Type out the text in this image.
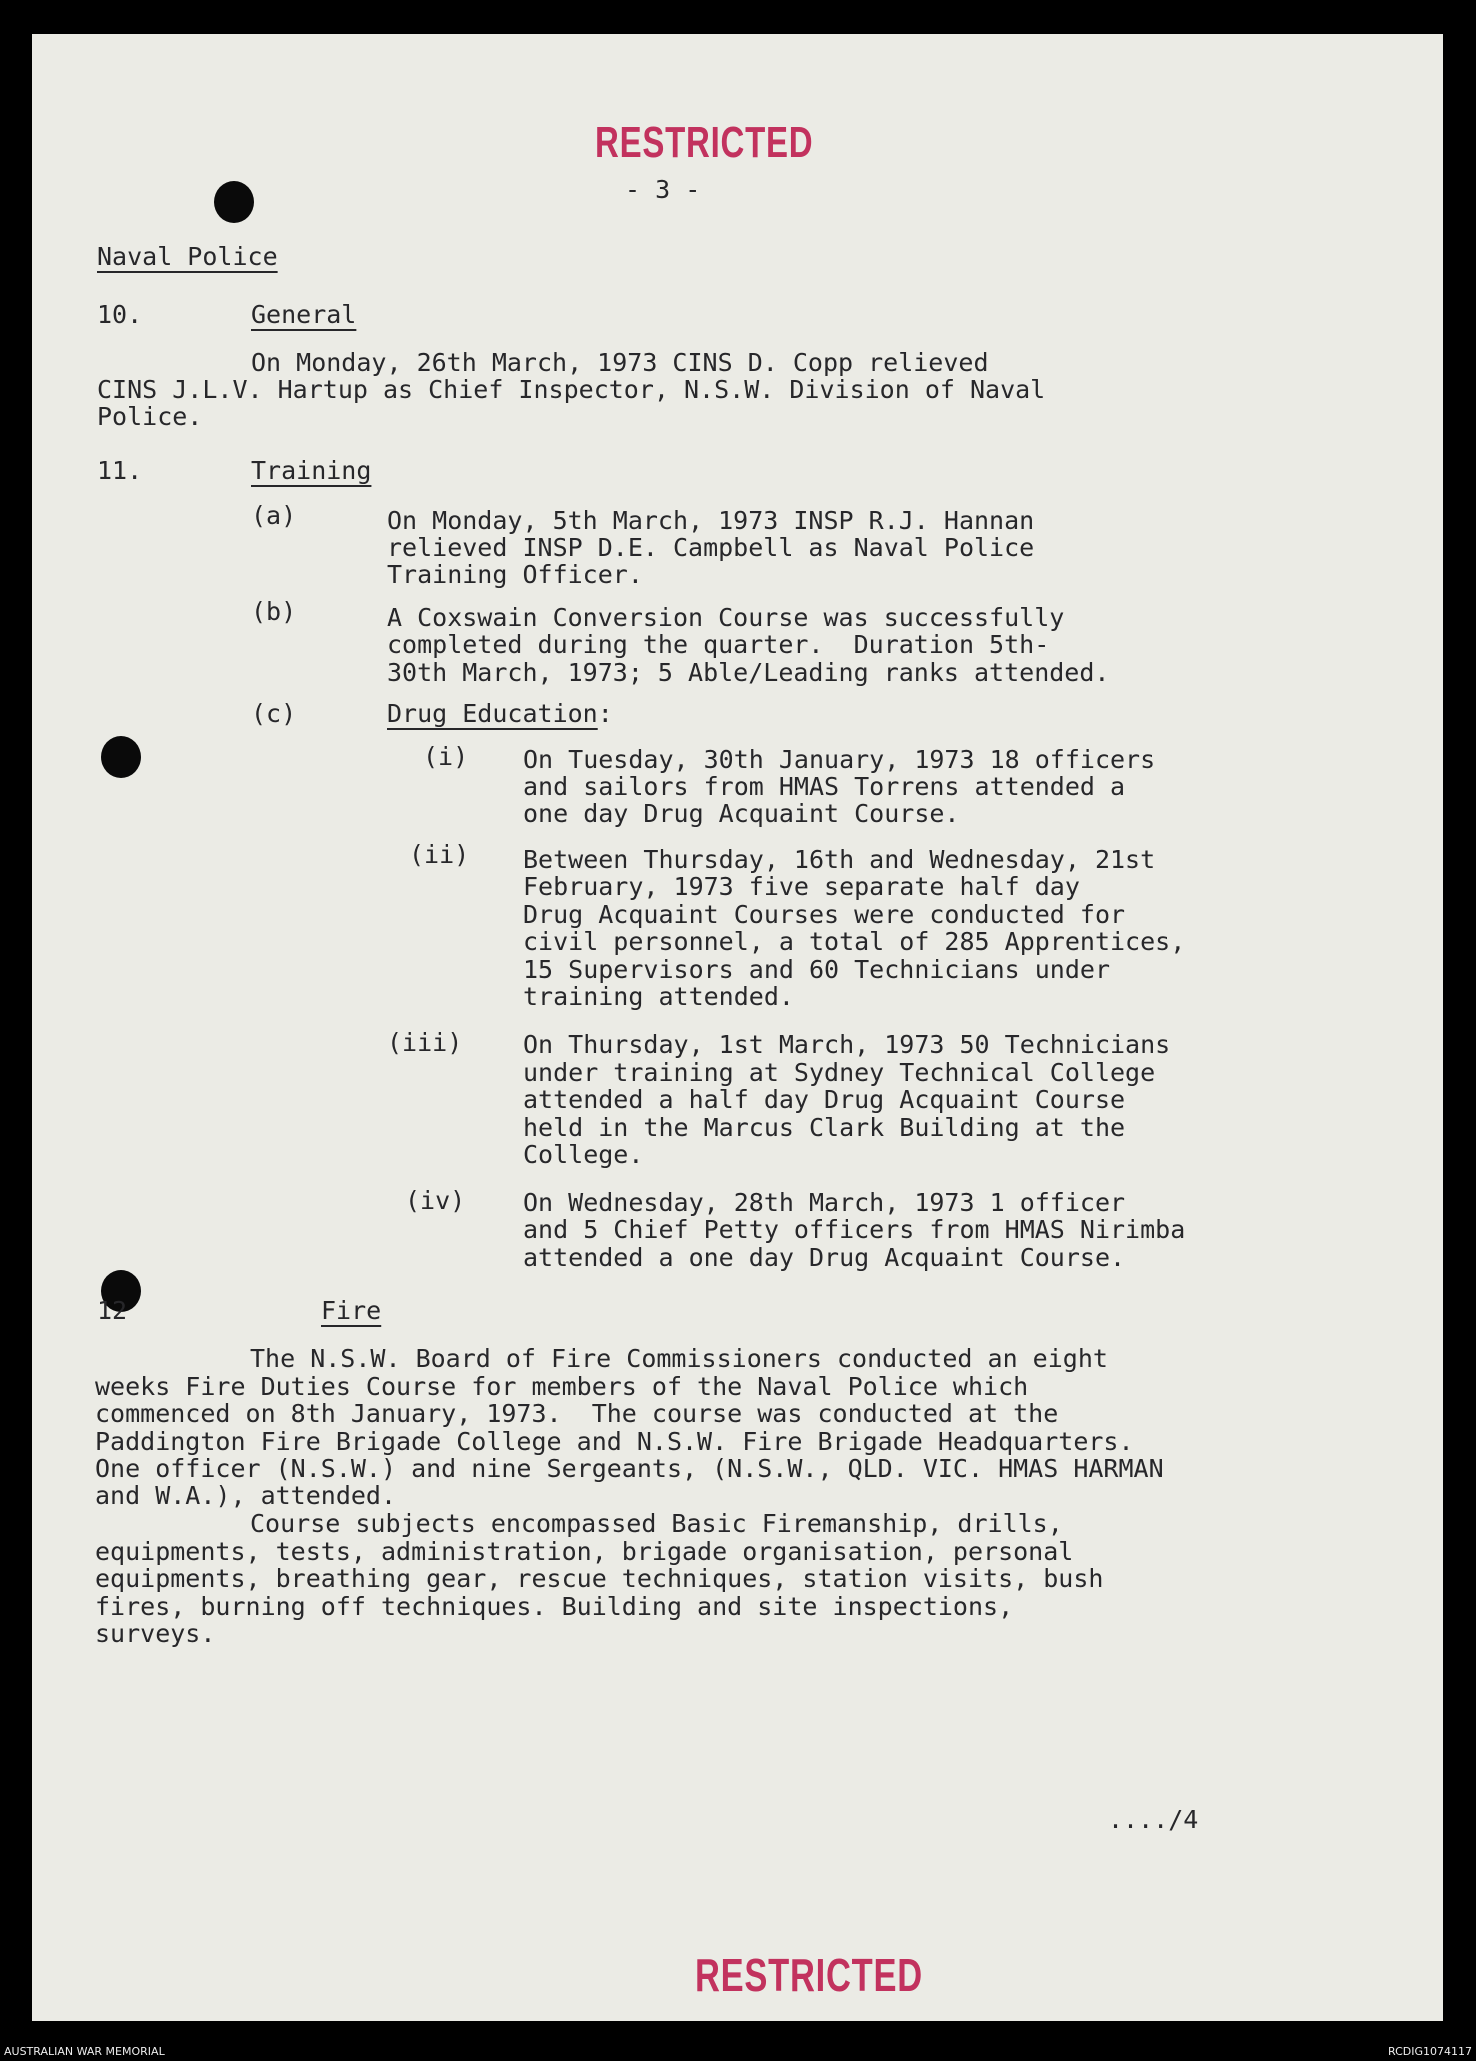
RESTRICTED
RESTRICTED
- 3 -
Naval Police
10.	General
On Monday, 26th March, 1973 CINS D. Copp relieved
CINS J.L.V. Hartup as Chief Inspector, N.S.W. Division of Naval
Police.
11.	Training
(a)	On Monday, 5th March, 1973 INSP R.J. Hannan
relieved INSP D.E. Campbell as Naval Police
Training Officer.
(b)	A Coxswain Conversion Course was successfully
completed during the quarter.  Duration 5th-
30th March, 1973; 5 Able/Leading ranks attended.
(c)	Drug Education:
(i) On Tuesday, 30th January, 1973 18 officers
and sailors from HMAS Torrens attended a
one day Drug Acquaint Course.
(ii) Between Thursday, 16th and Wednesday, 21st
February, 1973 five separate half day
Drug Acquaint Courses were conducted for
civil personnel, a total of 285 Apprentices,
15 Supervisors and 60 Technicians under
training attended.
(iii) On Thursday, 1st March, 1973 50 Technicians
under training at Sydney Technical College
attended a half day Drug Acquaint Course
held in the Marcus Clark Building at the
College.
(iv) On Wednesday, 28th March, 1973 1 officer
and 5 Chief Petty officers from HMAS Nirimba
attended a one day Drug Acquaint Course.
12	Fire
The N.S.W. Board of Fire Commissioners conducted an eight
weeks Fire Duties Course for members of the Naval Police which
commenced on 8th January, 1973.  The course was conducted at the
Paddington Fire Brigade College and N.S.W. Fire Brigade Headquarters.
One officer (N.S.W.) and nine Sergeants, (N.S.W., QLD. VIC. HMAS HARMAN
and W.A.), attended.
Course subjects encompassed Basic Firemanship, drills,
equipments, tests, administration, brigade organisation, personal
equipments, breathing gear, rescue techniques, station visits, bush
fires, burning off techniques. Building and site inspections,
surveys.
..../4
AUSTRALIAN WAR MEMORIAL	RCDIG1074117
